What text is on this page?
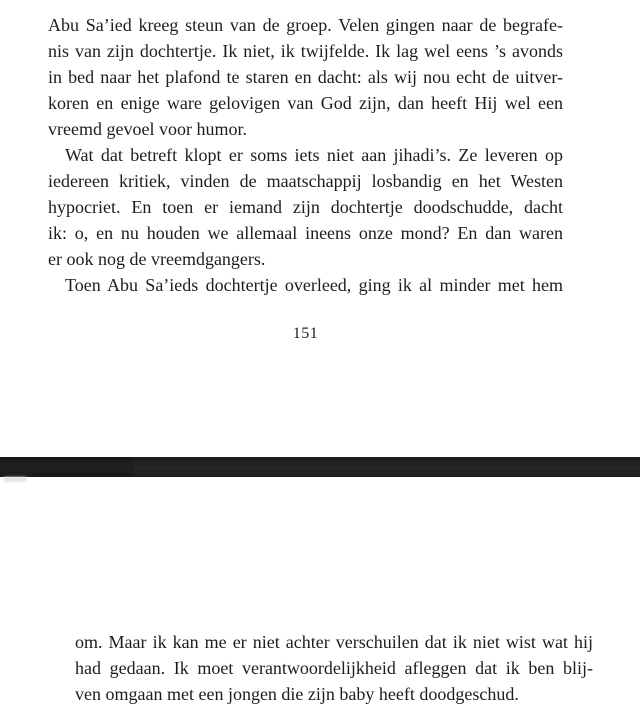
Abu Sa’ied kreeg steun van de groep. Velen gingen naar de begrafe-
nis van zijn dochtertje. Ik niet, ik twijfelde. Ik lag wel eens ’s avonds
in bed naar het plafond te staren en dacht: als wij nou echt de uitver-
koren en enige ware gelovigen van God zijn, dan heeft Hij wel een
vreemd gevoel voor humor.
Wat dat betreft klopt er soms iets niet aan jihadi’s. Ze leveren op
iedereen kritiek, vinden de maatschappij losbandig en het Westen
hypocriet. En toen er iemand zijn dochtertje doodschudde, dacht
ik: o, en nu houden we allemaal ineens onze mond? En dan waren
er ook nog de vreemdgangers.
Toen Abu Sa’ieds dochtertje overleed, ging ik al minder met hem
151
om. Maar ik kan me er niet achter verschuilen dat ik niet wist wat hij
had gedaan. Ik moet verantwoordelijkheid afleggen dat ik ben blij-
ven omgaan met een jongen die zijn baby heeft doodgeschud.
